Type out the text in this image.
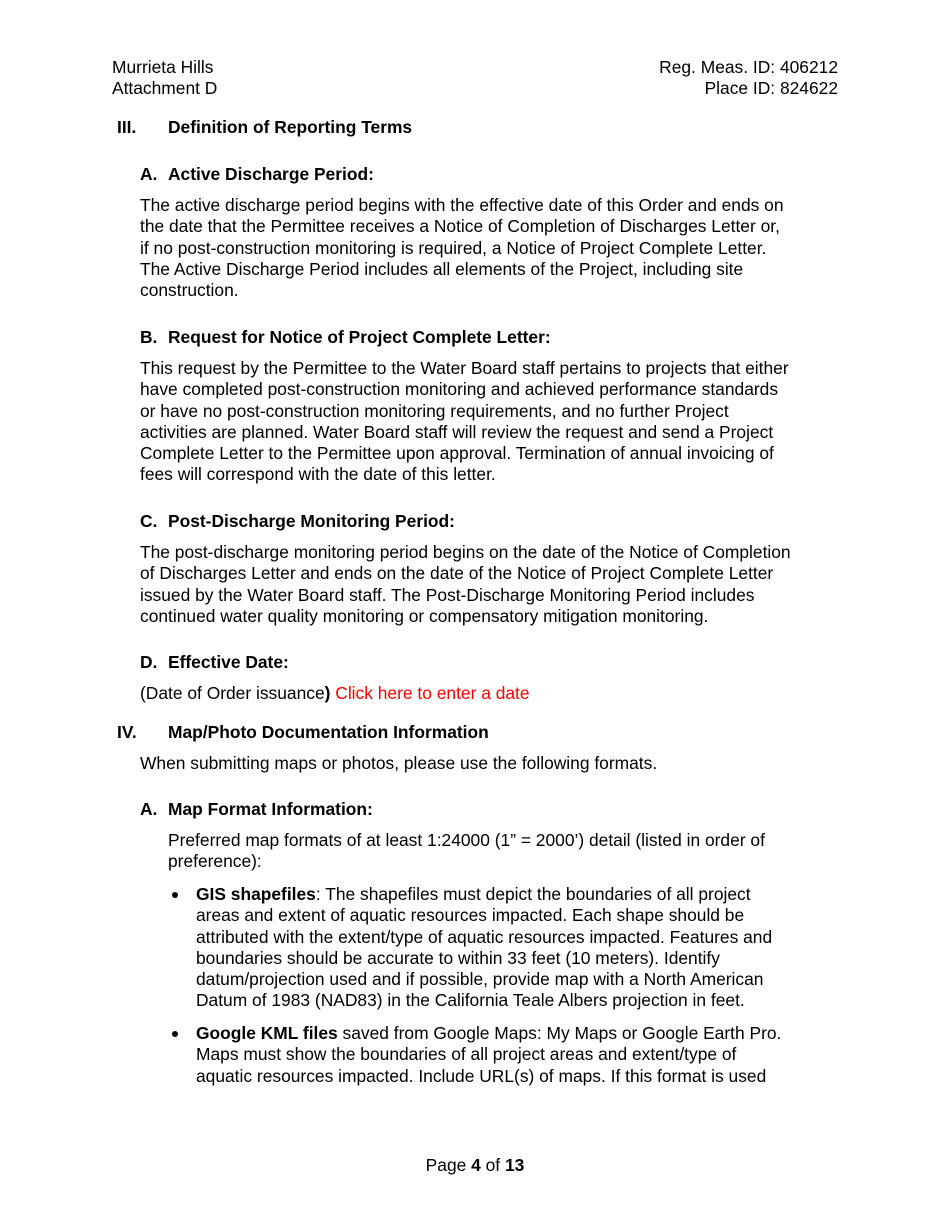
Murrieta Hills
Attachment D
Reg. Meas. ID: 406212
Place ID: 824622
III. Definition of Reporting Terms
A. Active Discharge Period:
The active discharge period begins with the effective date of this Order and ends on
the date that the Permittee receives a Notice of Completion of Discharges Letter or,
if no post-construction monitoring is required, a Notice of Project Complete Letter.
The Active Discharge Period includes all elements of the Project, including site
construction.
B. Request for Notice of Project Complete Letter:
This request by the Permittee to the Water Board staff pertains to projects that either
have completed post-construction monitoring and achieved performance standards
or have no post-construction monitoring requirements, and no further Project
activities are planned. Water Board staff will review the request and send a Project
Complete Letter to the Permittee upon approval. Termination of annual invoicing of
fees will correspond with the date of this letter.
C. Post-Discharge Monitoring Period:
The post-discharge monitoring period begins on the date of the Notice of Completion
of Discharges Letter and ends on the date of the Notice of Project Complete Letter
issued by the Water Board staff. The Post-Discharge Monitoring Period includes
continued water quality monitoring or compensatory mitigation monitoring.
D. Effective Date:
(Date of Order issuance) Click here to enter a date
IV. Map/Photo Documentation Information
When submitting maps or photos, please use the following formats.
A. Map Format Information:
Preferred map formats of at least 1:24000 (1” = 2000’) detail (listed in order of
preference):
GIS shapefiles: The shapefiles must depict the boundaries of all project
areas and extent of aquatic resources impacted. Each shape should be
attributed with the extent/type of aquatic resources impacted. Features and
boundaries should be accurate to within 33 feet (10 meters). Identify
datum/projection used and if possible, provide map with a North American
Datum of 1983 (NAD83) in the California Teale Albers projection in feet.
Google KML files saved from Google Maps: My Maps or Google Earth Pro.
Maps must show the boundaries of all project areas and extent/type of
aquatic resources impacted. Include URL(s) of maps. If this format is used
Page 4 of 13
